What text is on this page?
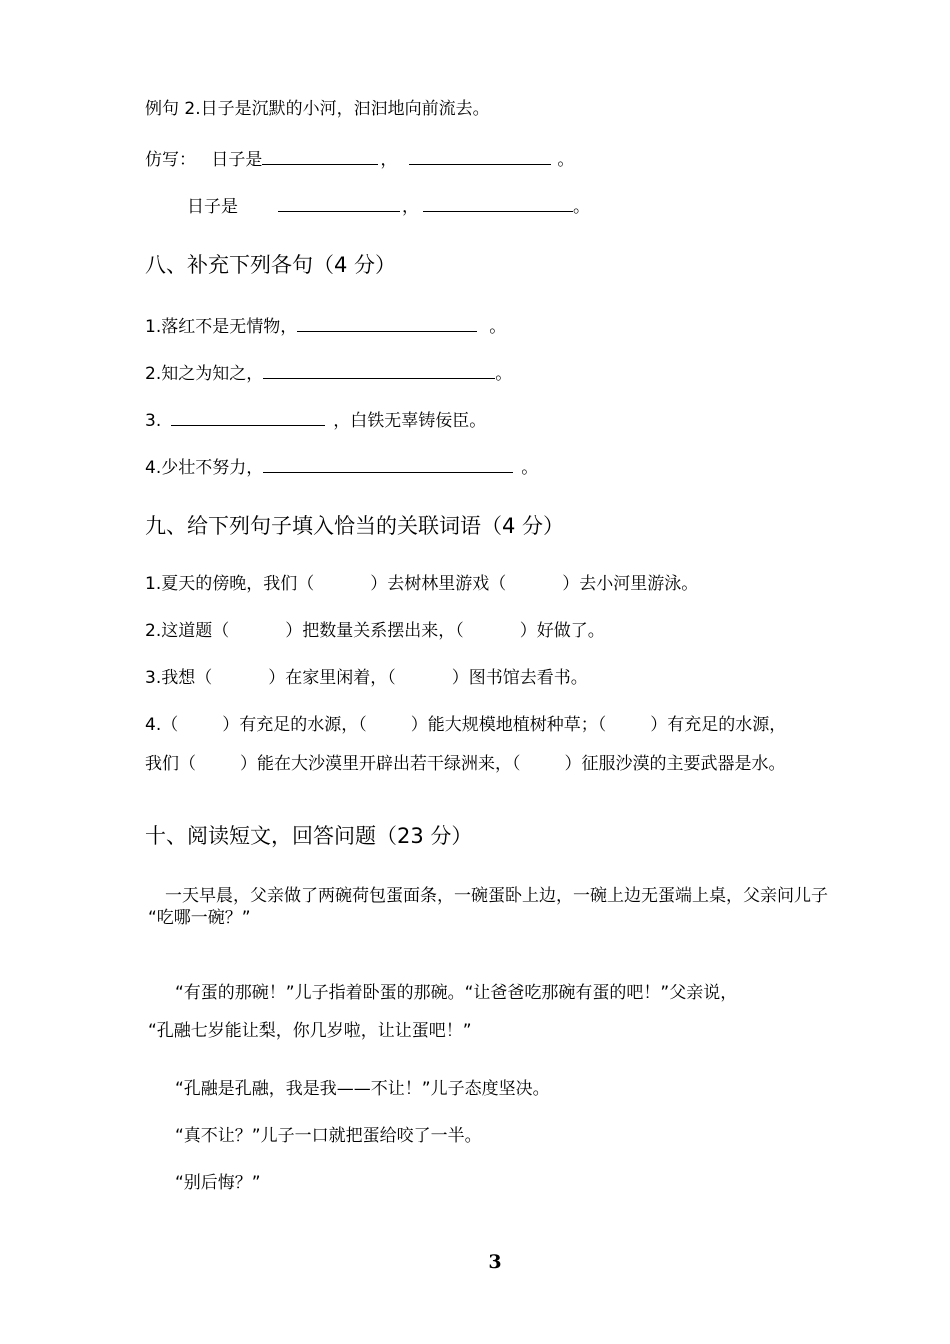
例句 2.日子是沉默的小河，汩汩地向前流去。
仿写： 日子是	，	。
日子是	，	。
八、补充下列各句（4 分）
1.落红不是无情物，	。
2.知之为知之，	。
3.	，白铁无辜铸佞臣。
4.少壮不努力，	。
九、给下列句子填入恰当的关联词语（4 分）
1.夏天的傍晚，我们（	）去树林里游戏（	）去小河里游泳。
2.这道题（	）把数量关系摆出来，（	）好做了。
3.我想（	）在家里闲着，（	）图书馆去看书。
4.（	）有充足的水源，（	）能大规模地植树种草；（	）有充足的水源，
我们（	）能在大沙漠里开辟出若干绿洲来，（	）征服沙漠的主要武器是水。
十、阅读短文，回答问题（23 分）
一天早晨，父亲做了两碗荷包蛋面条，一碗蛋卧上边，一碗上边无蛋端上桌，父亲问儿子
“吃哪一碗？”
“有蛋的那碗！”儿子指着卧蛋的那碗。“让爸爸吃那碗有蛋的吧！”父亲说，
“孔融七岁能让梨，你几岁啦，让让蛋吧！”
“孔融是孔融，我是我——不让！”儿子态度坚决。
“真不让？”儿子一口就把蛋给咬了一半。
“别后悔？”
3
